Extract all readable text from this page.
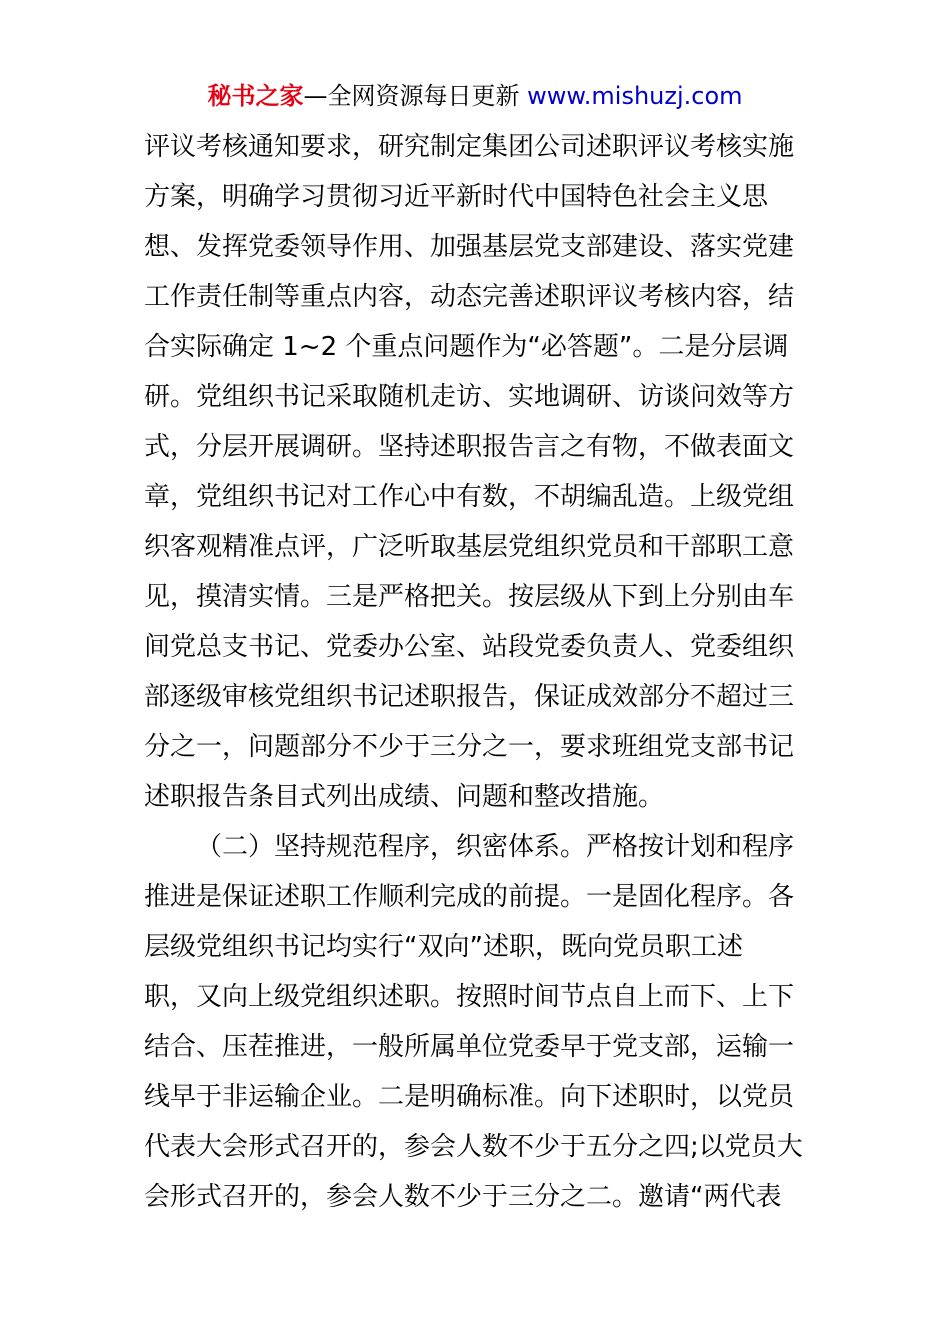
秘书之家—全网资源每日更新 www.mishuzj.com
评议考核通知要求，研究制定集团公司述职评议考核实施
方案，明确学习贯彻习近平新时代中国特色社会主义思
想、发挥党委领导作用、加强基层党支部建设、落实党建
工作责任制等重点内容，动态完善述职评议考核内容，结
合实际确定 1~2 个重点问题作为“必答题”。二是分层调
研。党组织书记采取随机走访、实地调研、访谈问效等方
式，分层开展调研。坚持述职报告言之有物，不做表面文
章，党组织书记对工作心中有数，不胡编乱造。上级党组
织客观精准点评，广泛听取基层党组织党员和干部职工意
见，摸清实情。三是严格把关。按层级从下到上分别由车
间党总支书记、党委办公室、站段党委负责人、党委组织
部逐级审核党组织书记述职报告，保证成效部分不超过三
分之一，问题部分不少于三分之一，要求班组党支部书记
述职报告条目式列出成绩、问题和整改措施。
（二）坚持规范程序，织密体系。严格按计划和程序
推进是保证述职工作顺利完成的前提。一是固化程序。各
层级党组织书记均实行“双向”述职，既向党员职工述
职，又向上级党组织述职。按照时间节点自上而下、上下
结合、压茬推进，一般所属单位党委早于党支部，运输一
线早于非运输企业。二是明确标准。向下述职时，以党员
代表大会形式召开的，参会人数不少于五分之四;以党员大
会形式召开的，参会人数不少于三分之二。邀请“两代表
